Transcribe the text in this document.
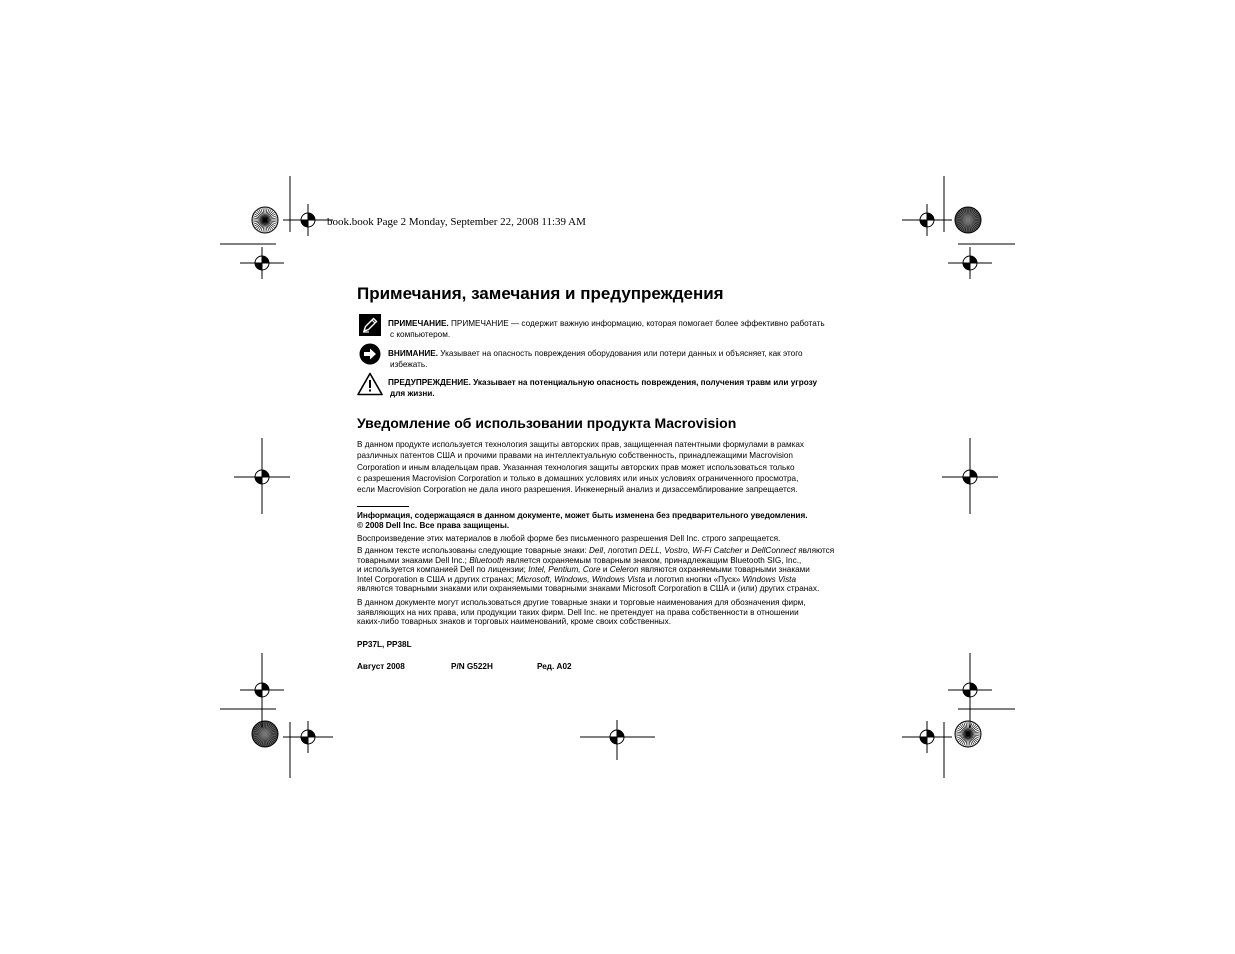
book.book Page 2 Monday, September 22, 2008 11:39 AM
Примечания, замечания и предупреждения
ПРИМЕЧАНИЕ. ПРИМЕЧАНИЕ — содержит важную информацию, которая помогает более эффективно работать
с компьютером.
ВНИМАНИЕ. Указывает на опасность повреждения оборудования или потери данных и объясняет, как этого
избежать.
ПРЕДУПРЕЖДЕНИЕ. Указывает на потенциальную опасность повреждения, получения травм или угрозу
для жизни.
Уведомление об использовании продукта Macrovision
В данном продукте используется технология защиты авторских прав, защищенная патентными формулами в рамках
различных патентов США и прочими правами на интеллектуальную собственность, принадлежащими Macrovision
Corporation и иным владельцам прав. Указанная технология защиты авторских прав может использоваться только
с разрешения Macrovision Corporation и только в домашних условиях или иных условиях ограниченного просмотра,
если Macrovision Corporation не дала иного разрешения. Инженерный анализ и дизассемблирование запрещается.
Информация, содержащаяся в данном документе, может быть изменена без предварительного уведомления.
© 2008 Dell Inc. Все права защищены.
Воспроизведение этих материалов в любой форме без письменного разрешения Dell Inc. строго запрещается.
В данном тексте использованы следующие товарные знаки: Dell, логотип DELL, Vostro, Wi-Fi Catcher и DellConnect являются
товарными знаками Dell Inc.; Bluetooth является охраняемым товарным знаком, принадлежащим Bluetooth SIG, Inc.,
и используется компанией Dell по лицензии; Intel, Pentium, Core и Celeron являются охраняемыми товарными знаками
Intel Corporation в США и других странах; Microsoft, Windows, Windows Vista и логотип кнопки «Пуск» Windows Vista
являются товарными знаками или охраняемыми товарными знаками Microsoft Corporation в США и (или) других странах.
В данном документе могут использоваться другие товарные знаки и торговые наименования для обозначения фирм,
заявляющих на них права, или продукции таких фирм. Dell Inc. не претендует на права собственности в отношении
каких-либо товарных знаков и торговых наименований, кроме своих собственных.
PP37L, PP38L
Август 2008	P/N G522H	Ред. A02
